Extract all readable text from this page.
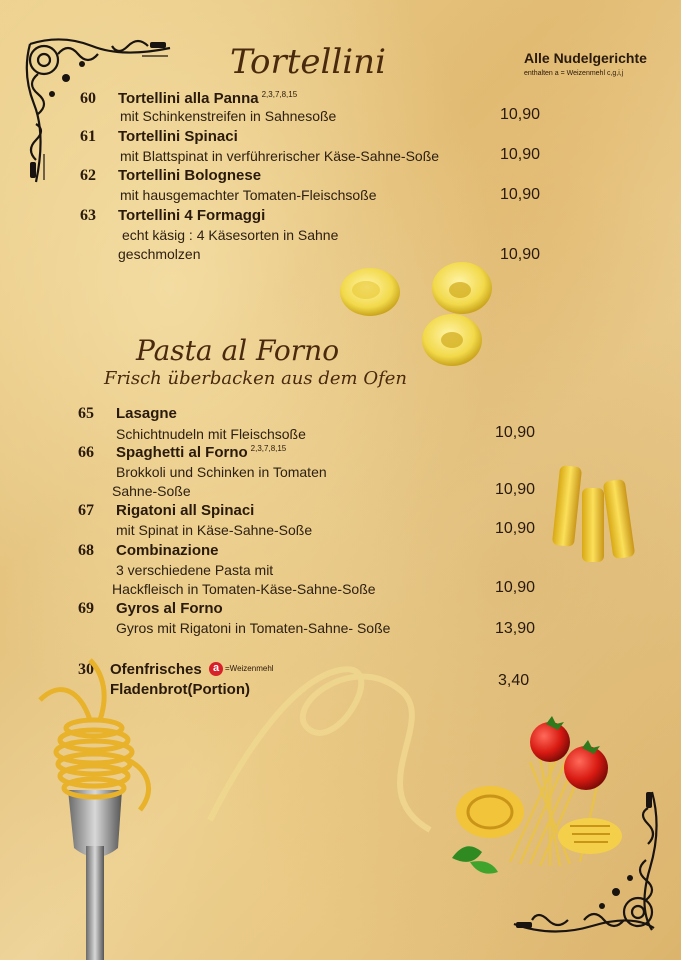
Tortellini	Alle Nudelgerichte
enthalten a = Weizenmehl c,g,i,j
60 Tortellini alla Panna $^{2,3,7,8,15}$
mit Schinkenstreifen in Sahnesoße	10,90
61 Tortellini Spinaci
mit Blattspinat in verführerischer Käse-Sahne-Soße	10,90
62 Tortellini Bolognese
mit hausgemachter Tomaten-Fleischsoße	10,90
63 Tortellini 4 Formaggi
echt käsig : 4 Käsesorten in Sahne
geschmolzen	10,90
Pasta al Forno
Frisch überbacken aus dem Ofen
65 Lasagne
Schichtnudeln mit Fleischsoße	10,90
66 Spaghetti al Forno $^{2,3,7,8,15}$
Brokkoli und Schinken in Tomaten
Sahne-Soße	10,90
67 Rigatoni all Spinaci
mit Spinat in Käse-Sahne-Soße	10,90
68 Combinazione
3 verschiedene Pasta mit
Hackfleisch in Tomaten-Käse-Sahne-Soße	10,90
69 Gyros al Forno
Gyros mit Rigatoni in Tomaten-Sahne- Soße	13,90
30 Ofenfrisches	a =Weizenmehl
Fladenbrot(Portion)
3,40
